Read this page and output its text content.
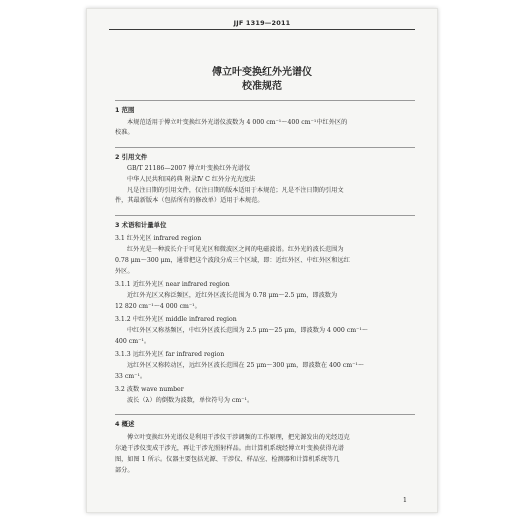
JJF 1319—2011
傅立叶变换红外光谱仪
校准规范
1 范围
本规范适用于傅立叶变换红外光谱仪波数为 4 000 cm⁻¹～400 cm⁻¹中红外区的
校准。
2 引用文件
GB/T 21186—2007 傅立叶变换红外光谱仪
中华人民共和国药典 附录Ⅳ C 红外分光光度法
凡是注日期的引用文件，仅注日期的版本适用于本规范；凡是不注日期的引用文
件，其最新版本（包括所有的修改单）适用于本规范。
3 术语和计量单位
3.1 红外光区 infrared region
红外光是一种波长介于可见光区和微波区之间的电磁波谱。红外光的波长范围为
0.78 μm～300 μm，通常把这个波段分成三个区域，即：近红外区、中红外区和远红
外区。
3.1.1 近红外光区 near infrared region
近红外光区又称泛频区，近红外区波长范围为 0.78 μm～2.5 μm，即波数为
12 820 cm⁻¹～4 000 cm⁻¹。
3.1.2 中红外光区 middle infrared region
中红外区又称基频区，中红外区波长范围为 2.5 μm～25 μm，即波数为 4 000 cm⁻¹～
400 cm⁻¹。
3.1.3 远红外光区 far infrared region
远红外区又称转动区，远红外区波长范围在 25 μm～300 μm，即波数在 400 cm⁻¹～
33 cm⁻¹。
3.2 波数 wave number
波长（λ）的倒数为波数，单位符号为 cm⁻¹。
4 概述
傅立叶变换红外光谱仪是利用干涉仪干涉调频的工作原理，把光源发出的光经迈克
尔逊干涉仪变成干涉光，再让干涉光照射样品。由计算机系统经傅立叶变换获得光谱
图，如图 1 所示。仪器主要包括光源、干涉仪、样品室、检测器和计算机系统等几
部分。
1
